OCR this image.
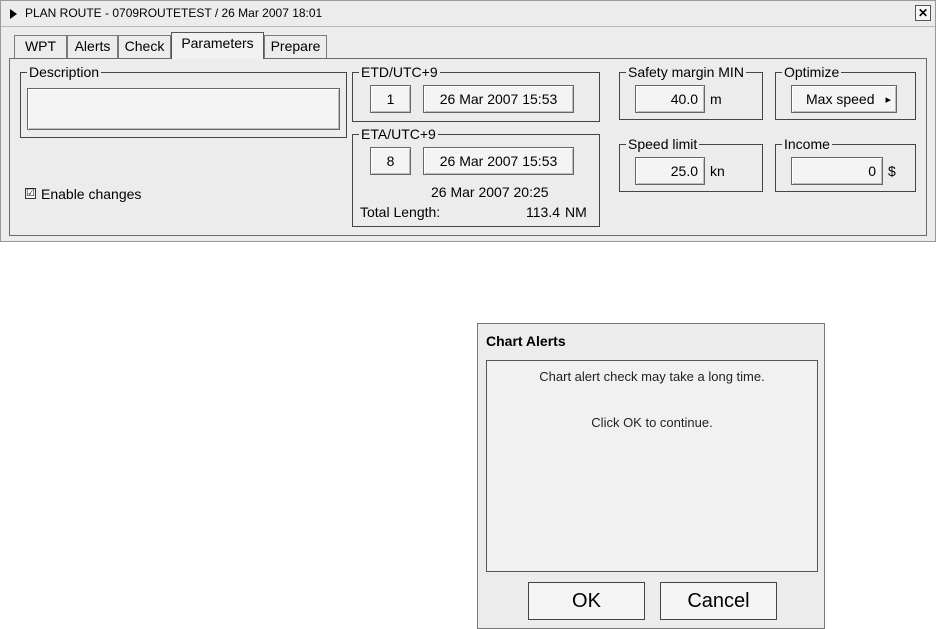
PLAN ROUTE - 0709ROUTETEST / 26 Mar 2007 18:01	✕
WPT	Alerts	Check	Parameters	Prepare
Description
☑ Enable changes
ETD/UTC+9
1	26 Mar 2007 15:53
ETA/UTC+9
8	26 Mar 2007 15:53
26 Mar 2007 20:25
Total Length:	113.4 NM
Safety margin MIN
40.0 m
Speed limit
25.0 kn
Optimize
Max speed ▸
Income
0 $
Chart Alerts
Chart alert check may take a long time.
Click OK to continue.
OK	Cancel
